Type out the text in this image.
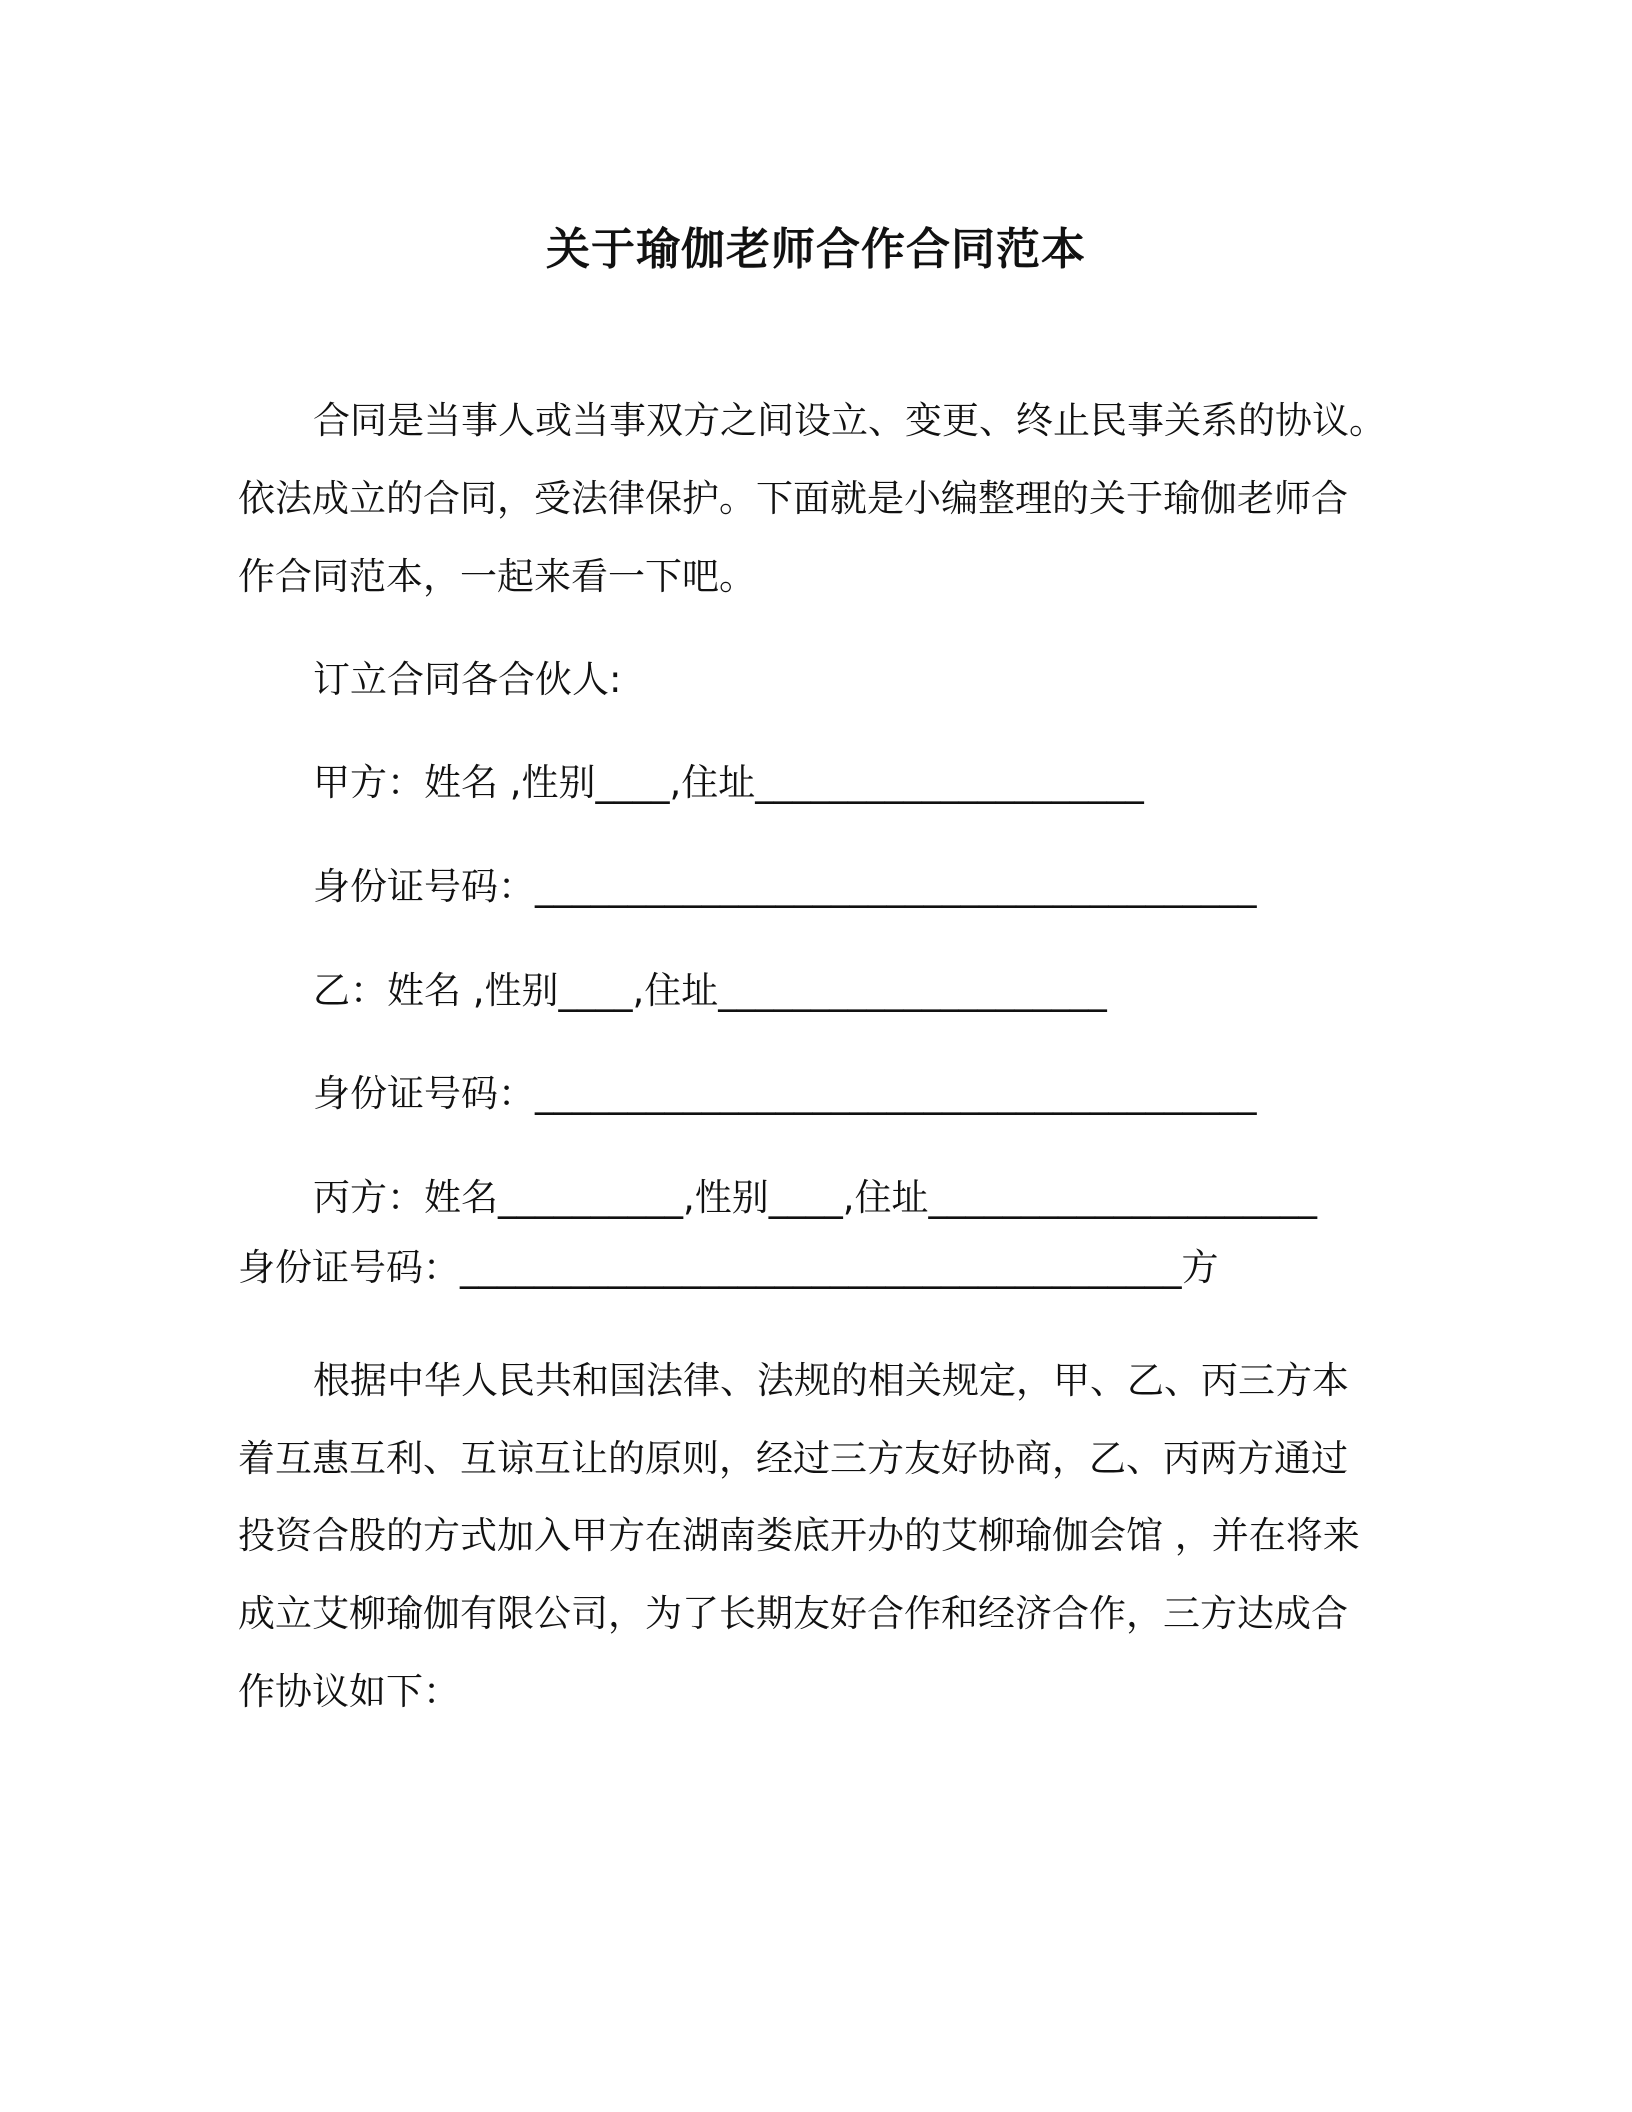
关于瑜伽老师合作合同范本
合同是当事人或当事双方之间设立、变更、终止民事关系的协议。
依法成立的合同，受法律保护。下面就是小编整理的关于瑜伽老师合
作合同范本，一起来看一下吧。
订立合同各合伙人:
甲方：姓名 ,性别____,住址_____________________
身份证号码：_______________________________________
乙：姓名 ,性别____,住址_____________________
身份证号码：_______________________________________
丙方：姓名__________,性别____,住址_____________________
身份证号码：_______________________________________方
根据中华人民共和国法律、法规的相关规定，甲、乙、丙三方本
着互惠互利、互谅互让的原则，经过三方友好协商，乙、丙两方通过
投资合股的方式加入甲方在湖南娄底开办的艾柳瑜伽会馆 ，并在将来
成立艾柳瑜伽有限公司，为了长期友好合作和经济合作，三方达成合
作协议如下：
